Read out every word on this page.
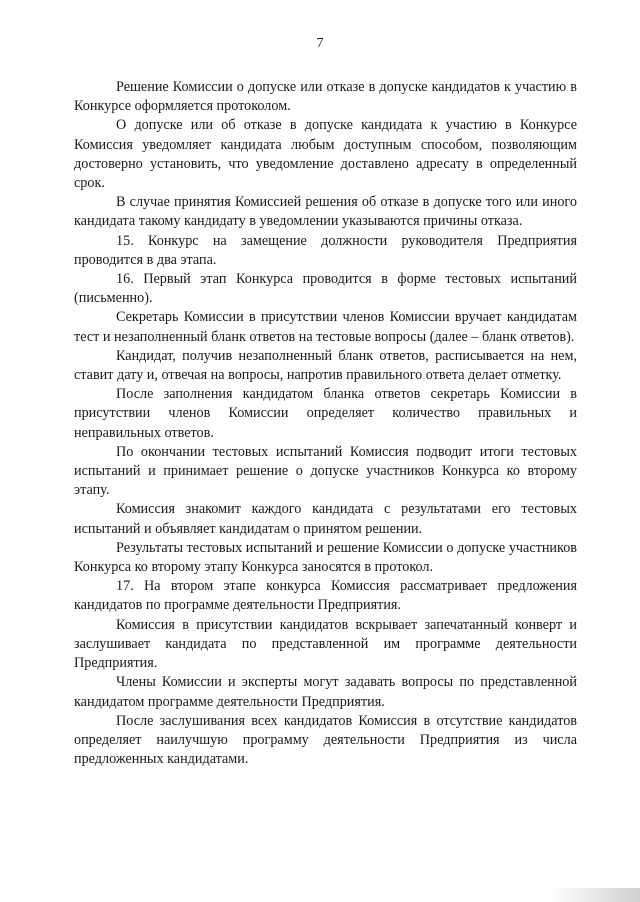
7

Решение Комиссии о допуске или отказе в допуске кандидатов к участию в Конкурсе оформляется протоколом.

О допуске или об отказе в допуске кандидата к участию в Конкурсе Комиссия уведомляет кандидата любым доступным способом, позволяющим достоверно установить, что уведомление доставлено адресату в определенный срок.

В случае принятия Комиссией решения об отказе в допуске того или иного кандидата такому кандидату в уведомлении указываются причины отказа.

15. Конкурс на замещение должности руководителя Предприятия проводится в два этапа.

16. Первый этап Конкурса проводится в форме тестовых испытаний (письменно).

Секретарь Комиссии в присутствии членов Комиссии вручает кандидатам тест и незаполненный бланк ответов на тестовые вопросы (далее – бланк ответов).

Кандидат, получив незаполненный бланк ответов, расписывается на нем, ставит дату и, отвечая на вопросы, напротив правильного ответа делает отметку.

После заполнения кандидатом бланка ответов секретарь Комиссии в присутствии членов Комиссии определяет количество правильных и неправильных ответов.

По окончании тестовых испытаний Комиссия подводит итоги тестовых испытаний и принимает решение о допуске участников Конкурса ко второму этапу.

Комиссия знакомит каждого кандидата с результатами его тестовых испытаний и объявляет кандидатам о принятом решении.

Результаты тестовых испытаний и решение Комиссии о допуске участников Конкурса ко второму этапу Конкурса заносятся в протокол.

17. На втором этапе конкурса Комиссия рассматривает предложения кандидатов по программе деятельности Предприятия.

Комиссия в присутствии кандидатов вскрывает запечатанный конверт и заслушивает кандидата по представленной им программе деятельности Предприятия.

Члены Комиссии и эксперты могут задавать вопросы по представленной кандидатом программе деятельности Предприятия.

После заслушивания всех кандидатов Комиссия в отсутствие кандидатов определяет наилучшую программу деятельности Предприятия из числа предложенных кандидатами.
